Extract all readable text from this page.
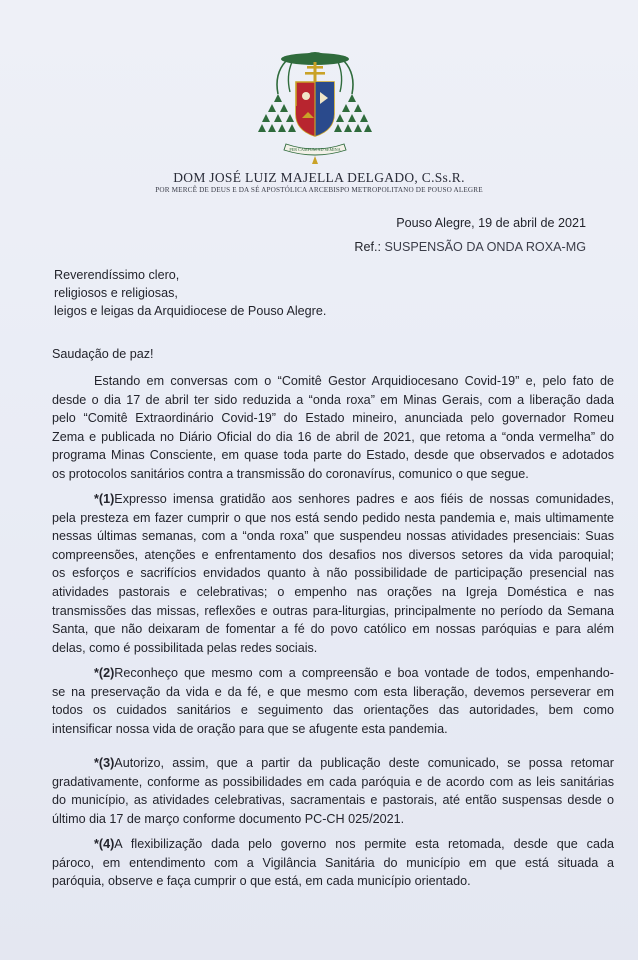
PER CAMPUM AD SEMINA
DOM JOSÉ LUIZ MAJELLA DELGADO, C.Ss.R.
POR MERCÊ DE DEUS E DA SÉ APOSTÓLICA ARCEBISPO METROPOLITANO DE POUSO ALEGRE
Pouso Alegre, 19 de abril de 2021
Ref.: SUSPENSÃO DA ONDA ROXA-MG
Reverendíssimo clero,
religiosos e religiosas,
leigos e leigas da Arquidiocese de Pouso Alegre.
Saudação de paz!
Estando em conversas com o “Comitê Gestor Arquidiocesano Covid-19” e, pelo fato de
desde o dia 17 de abril ter sido reduzida a “onda roxa” em Minas Gerais, com a liberação dada
pelo “Comitê Extraordinário Covid-19” do Estado mineiro, anunciada pelo governador Romeu
Zema e publicada no Diário Oficial do dia 16 de abril de 2021, que retoma a “onda vermelha” do
programa Minas Consciente, em quase toda parte do Estado, desde que observados e adotados
os protocolos sanitários contra a transmissão do coronavírus, comunico o que segue.
*(1)Expresso imensa gratidão aos senhores padres e aos fiéis de nossas comunidades,
pela presteza em fazer cumprir o que nos está sendo pedido nesta pandemia e, mais ultimamente
nessas últimas semanas, com a “onda roxa” que suspendeu nossas atividades presenciais: Suas
compreensões, atenções e enfrentamento dos desafios nos diversos setores da vida paroquial;
os esforços e sacrifícios envidados quanto à não possibilidade de participação presencial nas
atividades pastorais e celebrativas; o empenho nas orações na Igreja Doméstica e nas
transmissões das missas, reflexões e outras para-liturgias, principalmente no período da Semana
Santa, que não deixaram de fomentar a fé do povo católico em nossas paróquias e para além
delas, como é possibilitada pelas redes sociais.
*(2)Reconheço que mesmo com a compreensão e boa vontade de todos, empenhando-
se na preservação da vida e da fé, e que mesmo com esta liberação, devemos perseverar em
todos os cuidados sanitários e seguimento das orientações das autoridades, bem como
intensificar nossa vida de oração para que se afugente esta pandemia.
*(3)Autorizo, assim, que a partir da publicação deste comunicado, se possa retomar
gradativamente, conforme as possibilidades em cada paróquia e de acordo com as leis sanitárias
do município, as atividades celebrativas, sacramentais e pastorais, até então suspensas desde o
último dia 17 de março conforme documento PC-CH 025/2021.
*(4)A flexibilização dada pelo governo nos permite esta retomada, desde que cada
pároco, em entendimento com a Vigilância Sanitária do município em que está situada a
paróquia, observe e faça cumprir o que está, em cada município orientado.
